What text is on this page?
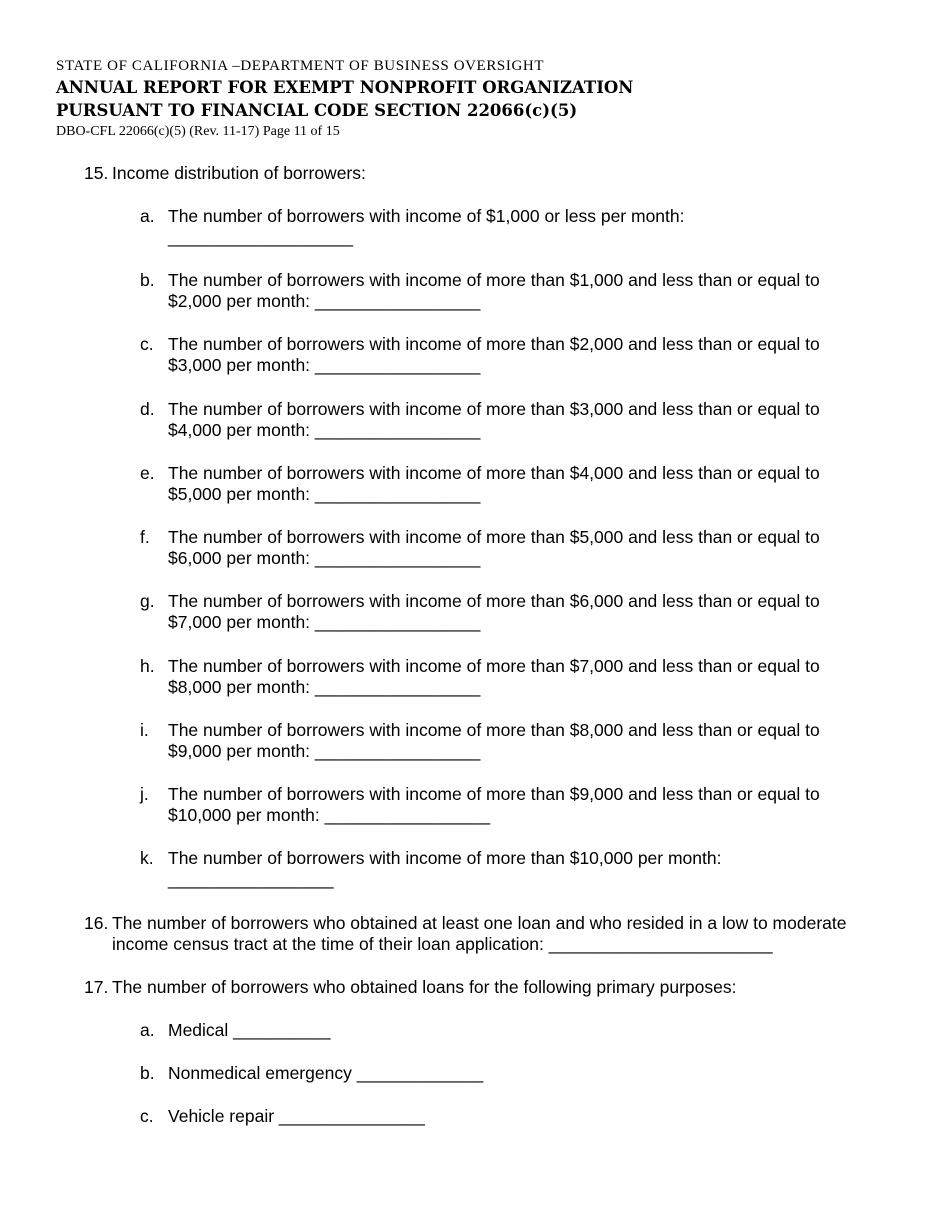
STATE OF CALIFORNIA –DEPARTMENT OF BUSINESS OVERSIGHT
ANNUAL REPORT FOR EXEMPT NONPROFIT ORGANIZATION
PURSUANT TO FINANCIAL CODE SECTION 22066(c)(5)
DBO-CFL 22066(c)(5) (Rev. 11-17) Page 11 of 15
15. Income distribution of borrowers:
a. The number of borrowers with income of $1,000 or less per month:
___________________
b. The number of borrowers with income of more than $1,000 and less than or equal to
$2,000 per month: _________________
c. The number of borrowers with income of more than $2,000 and less than or equal to
$3,000 per month: _________________
d. The number of borrowers with income of more than $3,000 and less than or equal to
$4,000 per month: _________________
e. The number of borrowers with income of more than $4,000 and less than or equal to
$5,000 per month: _________________
f. The number of borrowers with income of more than $5,000 and less than or equal to
$6,000 per month: _________________
g. The number of borrowers with income of more than $6,000 and less than or equal to
$7,000 per month: _________________
h. The number of borrowers with income of more than $7,000 and less than or equal to
$8,000 per month: _________________
i. The number of borrowers with income of more than $8,000 and less than or equal to
$9,000 per month: _________________
j. The number of borrowers with income of more than $9,000 and less than or equal to
$10,000 per month: _________________
k. The number of borrowers with income of more than $10,000 per month:
_________________
16. The number of borrowers who obtained at least one loan and who resided in a low to moderate
income census tract at the time of their loan application: _______________________
17. The number of borrowers who obtained loans for the following primary purposes:
a. Medical __________
b. Nonmedical emergency _____________
c. Vehicle repair _______________
